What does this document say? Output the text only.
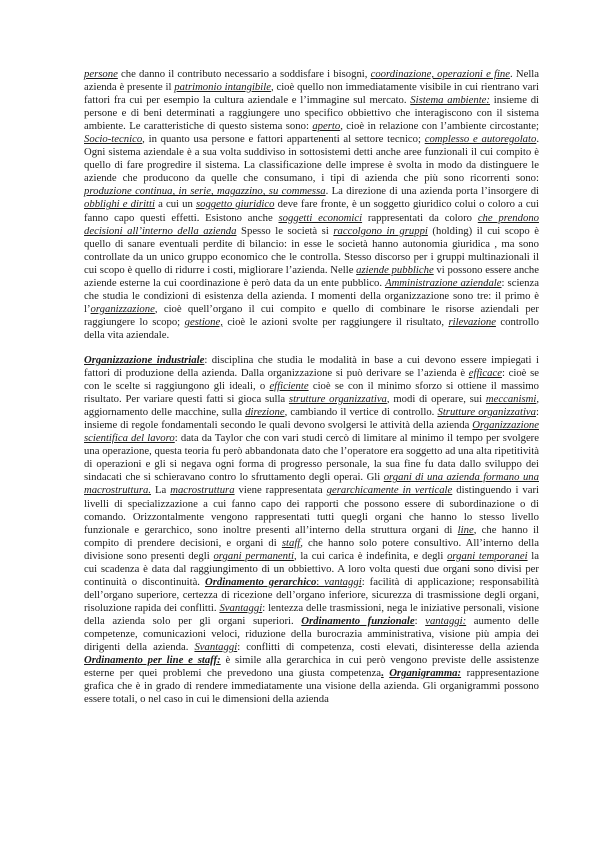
persone che danno il contributo necessario a soddisfare i bisogni, coordinazione, operazioni e fine. Nella azienda è presente il patrimonio intangibile, cioè quello non immediatamente visibile in cui rientrano vari fattori fra cui per esempio la cultura aziendale e l’immagine sul mercato. Sistema ambiente: insieme di persone e di beni determinati a raggiungere uno specifico obbiettivo che interagiscono con il sistema ambiente. Le caratteristiche di questo sistema sono: aperto, cioè in relazione con l’ambiente circostante; Socio-tecnico, in quanto usa persone e fattori appartenenti al settore tecnico; complesso e autoregolato. Ogni sistema aziendale è a sua volta suddiviso in sottosistemi detti anche aree funzionali il cui compito è quello di fare progredire il sistema. La classificazione delle imprese è svolta in modo da distinguere le aziende che producono da quelle che consumano, i tipi di azienda che più sono ricorrenti sono: produzione continua, in serie, magazzino, su commessa. La direzione di una azienda porta l’insorgere di obblighi e diritti a cui un soggetto giuridico deve fare fronte, è un soggetto giuridico colui o coloro a cui fanno capo questi effetti. Esistono anche soggetti economici rappresentati da coloro che prendono decisioni all’interno della azienda Spesso le società si raccolgono in gruppi (holding) il cui scopo è quello di sanare eventuali perdite di bilancio: in esse le società hanno autonomia giuridica , ma sono controllate da un unico gruppo economico che le controlla. Stesso discorso per i gruppi multinazionali il cui scopo è quello di ridurre i costi, migliorare l’azienda. Nelle aziende pubbliche vi possono essere anche aziende esterne la cui coordinazione è però data da un ente pubblico. Amministrazione aziendale: scienza che studia le condizioni di esistenza della azienda. I momenti della organizzazione sono tre: il primo è l’organizzazione, cioè quell’organo il cui compito e quello di combinare le risorse aziendali per raggiungere lo scopo; gestione, cioè le azioni svolte per raggiungere il risultato, rilevazione controllo della vita aziendale.

Organizzazione industriale: disciplina che studia le modalità in base a cui devono essere impiegati i fattori di produzione della azienda. Dalla organizzazione si può derivare se l’azienda è efficace: cioè se con le scelte si raggiungono gli ideali, o efficiente cioè se con il minimo sforzo si ottiene il massimo risultato. Per variare questi fatti si gioca sulla strutture organizzativa, modi di operare, sui meccanismi, aggiornamento delle macchine, sulla direzione, cambiando il vertice di controllo. Strutture organizzativa: insieme di regole fondamentali secondo le quali devono svolgersi le attività della azienda Organizzazione scientifica del lavoro: data da Taylor che con vari studi cercò di limitare al minimo il tempo per svolgere una operazione, questa teoria fu però abbandonata dato che l’operatore era soggetto ad una alta ripetitività di operazioni e gli si negava ogni forma di progresso personale, la sua fine fu data dallo sviluppo dei sindacati che si schieravano contro lo sfruttamento degli operai. Gli organi di una azienda formano una macrostruttura. La macrostruttura viene rappresentata gerarchicamente in verticale distinguendo i vari livelli di specializzazione a cui fanno capo dei rapporti che possono essere di subordinazione o di comando. Orizzontalmente vengono rappresentati tutti quegli organi che hanno lo stesso livello funzionale e gerarchico, sono inoltre presenti all’interno della struttura organi di line, che hanno il compito di prendere decisioni, e organi di staff, che hanno solo potere consultivo. All’interno della divisione sono presenti degli organi permanenti, la cui carica è indefinita, e degli organi temporanei la cui scadenza è data dal raggiungimento di un obbiettivo. A loro volta questi due organi sono divisi per continuità o discontinuità. Ordinamento gerarchico: vantaggi: facilità di applicazione; responsabilità dell’organo superiore, certezza di ricezione dell’organo inferiore, sicurezza di trasmissione degli organi, risoluzione rapida dei conflitti. Svantaggi: lentezza delle trasmissioni, nega le iniziative personali, visione della azienda solo per gli organi superiori. Ordinamento funzionale: vantaggi: aumento delle competenze, comunicazioni veloci, riduzione della burocrazia amministrativa, visione più ampia dei dirigenti della azienda. Svantaggi: conflitti di competenza, costi elevati, disinteresse della azienda Ordinamento per line e staff: è simile alla gerarchica in cui però vengono previste delle assistenze esterne per quei problemi che prevedono una giusta competenza. Organigramma: rappresentazione grafica che è in grado di rendere immediatamente una visione della azienda. Gli organigrammi possono essere totali, o nel caso in cui le dimensioni della azienda
